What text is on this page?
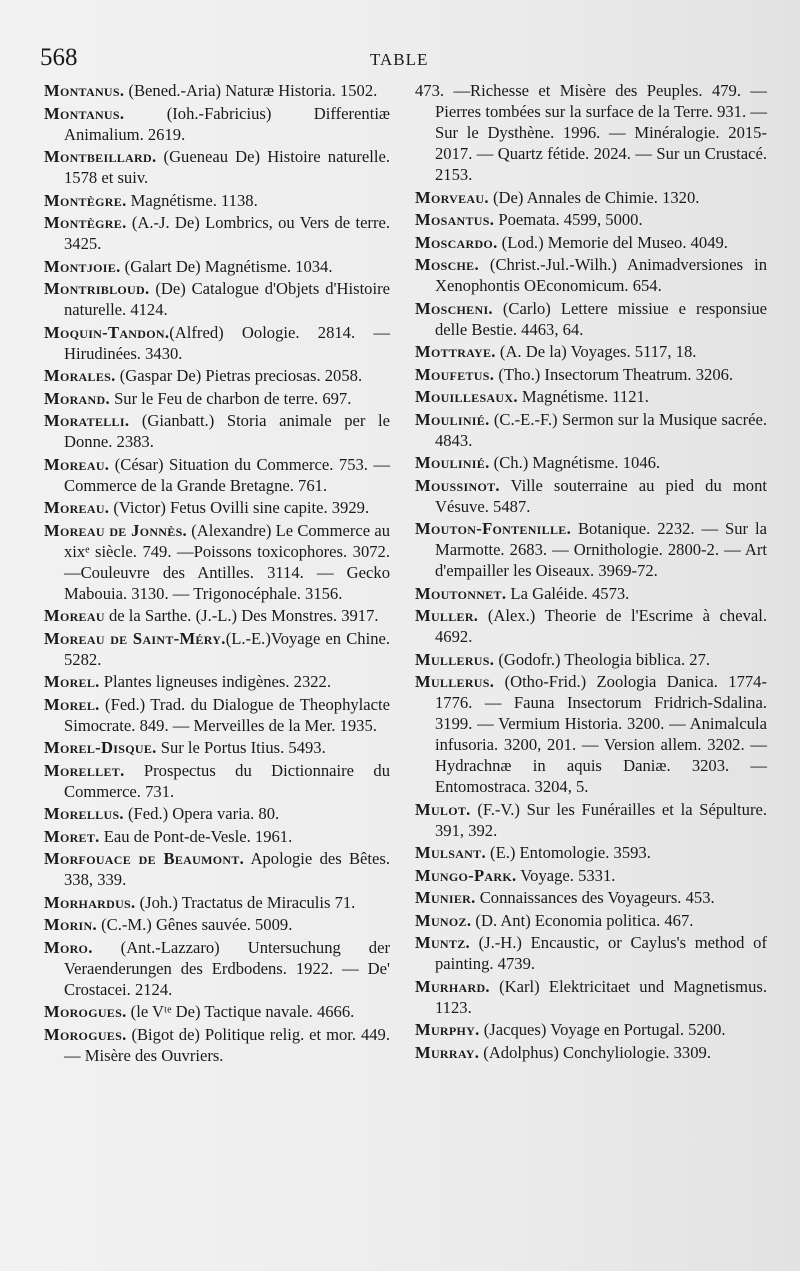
568	TABLE

Montanus. (Bened.-Aria) Naturæ Historia. 1502.

Montanus. (Ioh.-Fabricius) Differentiæ Animalium. 2619.

Montbeillard. (Gueneau De) Histoire naturelle. 1578 et suiv.

Montègre. Magnétisme. 1138.

Montègre. (A.-J. De) Lombrics, ou Vers de terre. 3425.

Montjoie. (Galart De) Magnétisme. 1034.

Montribloud. (De) Catalogue d'Objets d'Histoire naturelle. 4124.

Moquin-Tandon.(Alfred) Oologie. 2814. —Hirudinées. 3430.

Morales. (Gaspar De) Pietras preciosas. 2058.

Morand. Sur le Feu de charbon de terre. 697.

Moratelli. (Gianbatt.) Storia animale per le Donne. 2383.

Moreau. (César) Situation du Commerce. 753. — Commerce de la Grande Bretagne. 761.

Moreau. (Victor) Fetus Ovilli sine capite. 3929.

Moreau de Jonnès. (Alexandre) Le Commerce au xixᵉ siècle. 749. —Poissons toxicophores. 3072. —Couleuvre des Antilles. 3114. — Gecko Mabouia. 3130. — Trigonocéphale. 3156.

Moreau de la Sarthe. (J.-L.) Des Monstres. 3917.

Moreau de Saint-Méry.(L.-E.)Voyage en Chine. 5282.

Morel. Plantes ligneuses indigènes. 2322.

Morel. (Fed.) Trad. du Dialogue de Theophylacte Simocrate. 849. — Merveilles de la Mer. 1935.

Morel-Disque. Sur le Portus Itius. 5493.

Morellet. Prospectus du Dictionnaire du Commerce. 731.

Morellus. (Fed.) Opera varia. 80.

Moret. Eau de Pont-de-Vesle. 1961.

Morfouace de Beaumont. Apologie des Bêtes. 338, 339.

Morhardus. (Joh.) Tractatus de Miraculis 71.

Morin. (C.-M.) Gênes sauvée. 5009.

Moro. (Ant.-Lazzaro) Untersuchung der Veraenderungen des Erdbodens. 1922. — De' Crostacei. 2124.

Morogues. (le Vᵗᵉ De) Tactique navale. 4666.

Morogues. (Bigot de) Politique relig. et mor. 449. — Misère des Ouvriers.

473. —Richesse et Misère des Peuples. 479. — Pierres tombées sur la surface de la Terre. 931. — Sur le Dysthène. 1996. — Minéralogie. 2015-2017. — Quartz fétide. 2024. — Sur un Crustacé. 2153.

Morveau. (De) Annales de Chimie. 1320.

Mosantus. Poemata. 4599, 5000.

Moscardo. (Lod.) Memorie del Museo. 4049.

Mosche. (Christ.-Jul.-Wilh.) Animadversiones in Xenophontis OEconomicum. 654.

Moscheni. (Carlo) Lettere missiue e responsiue delle Bestie. 4463, 64.

Mottraye. (A. De la) Voyages. 5117, 18.

Moufetus. (Tho.) Insectorum Theatrum. 3206.

Mouillesaux. Magnétisme. 1121.

Moulinié. (C.-E.-F.) Sermon sur la Musique sacrée. 4843.

Moulinié. (Ch.) Magnétisme. 1046.

Moussinot. Ville souterraine au pied du mont Vésuve. 5487.

Mouton-Fontenille. Botanique. 2232. — Sur la Marmotte. 2683. — Ornithologie. 2800-2. — Art d'empailler les Oiseaux. 3969-72.

Moutonnet. La Galéide. 4573.

Muller. (Alex.) Theorie de l'Escrime à cheval. 4692.

Mullerus. (Godofr.) Theologia biblica. 27.

Mullerus. (Otho-Frid.) Zoologia Danica. 1774-1776. — Fauna Insectorum Fridrich-Sdalina. 3199. — Vermium Historia. 3200. — Animalcula infusoria. 3200, 201. — Version allem. 3202. — Hydrachnæ in aquis Daniæ. 3203. — Entomostraca. 3204, 5.

Mulot. (F.-V.) Sur les Funérailles et la Sépulture. 391, 392.

Mulsant. (E.) Entomologie. 3593.

Mungo-Park. Voyage. 5331.

Munier. Connaissances des Voyageurs. 453.

Munoz. (D. Ant) Economia politica. 467.

Muntz. (J.-H.) Encaustic, or Caylus's method of painting. 4739.

Murhard. (Karl) Elektricitaet und Magnetismus. 1123.

Murphy. (Jacques) Voyage en Portugal. 5200.

Murray. (Adolphus) Conchyliologie. 3309.
